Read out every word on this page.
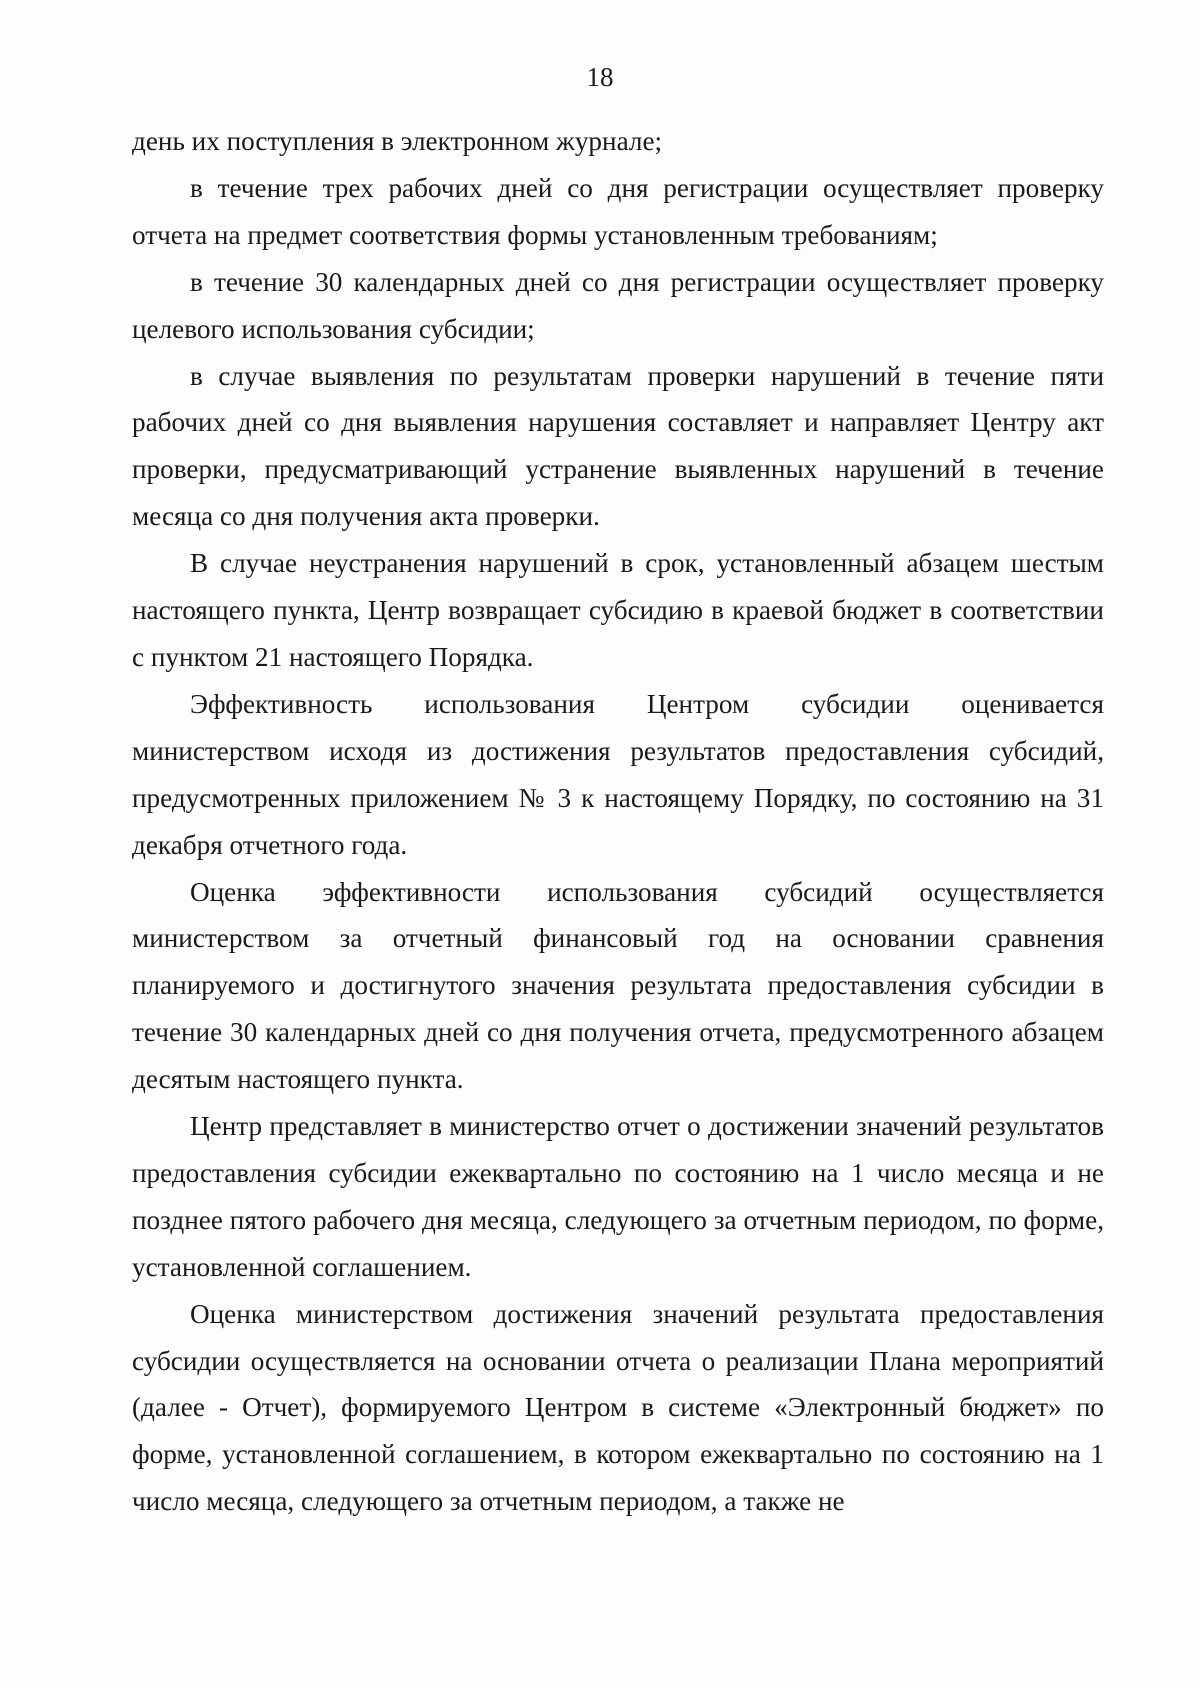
18

день их поступления в электронном журнале;

в течение трех рабочих дней со дня регистрации осуществляет проверку отчета на предмет соответствия формы установленным требованиям;

в течение 30 календарных дней со дня регистрации осуществляет проверку целевого использования субсидии;

в случае выявления по результатам проверки нарушений в течение пяти рабочих дней со дня выявления нарушения составляет и направляет Центру акт проверки, предусматривающий устранение выявленных нарушений в течение месяца со дня получения акта проверки.

В случае неустранения нарушений в срок, установленный абзацем шестым настоящего пункта, Центр возвращает субсидию в краевой бюджет в соответствии с пунктом 21 настоящего Порядка.

Эффективность использования Центром субсидии оценивается министерством исходя из достижения результатов предоставления субсидий, предусмотренных приложением № 3 к настоящему Порядку, по состоянию на 31 декабря отчетного года.

Оценка эффективности использования субсидий осуществляется министерством за отчетный финансовый год на основании сравнения планируемого и достигнутого значения результата предоставления субсидии в течение 30 календарных дней со дня получения отчета, предусмотренного абзацем десятым настоящего пункта.

Центр представляет в министерство отчет о достижении значений результатов предоставления субсидии ежеквартально по состоянию на 1 число месяца и не позднее пятого рабочего дня месяца, следующего за отчетным периодом, по форме, установленной соглашением.

Оценка министерством достижения значений результата предоставления субсидии осуществляется на основании отчета о реализации Плана мероприятий (далее - Отчет), формируемого Центром в системе «Электронный бюджет» по форме, установленной соглашением, в котором ежеквартально по состоянию на 1 число месяца, следующего за отчетным периодом, а также не
